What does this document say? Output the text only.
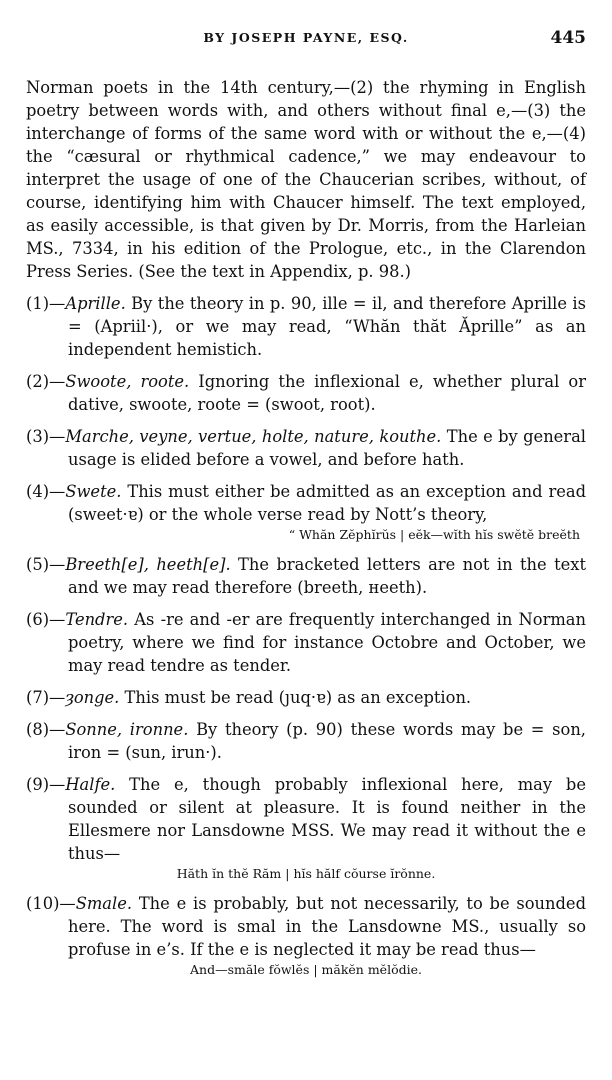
BY JOSEPH PAYNE, ESQ.	445

Norman poets in the 14th century,—(2) the rhyming in English poetry between words with, and others without final e,—(3) the interchange of forms of the same word with or without the e,—(4) the “cæsural or rhythmical cadence,” we may endeavour to interpret the usage of one of the Chaucerian scribes, without, of course, identifying him with Chaucer himself. The text employed, as easily accessible, is that given by Dr. Morris, from the Harleian MS., 7334, in his edition of the Prologue, etc., in the Clarendon Press Series. (See the text in Appendix, p. 98.)

(1)—Aprille. By the theory in p. 90, ille = il, and therefore Aprille is = (Apriil·), or we may read, “Whăn thăt Ăprille” as an independent hemistich.

(2)—Swoote, roote. Ignoring the inflexional e, whether plural or dative, swoote, roote = (swoot, root).

(3)—Marche, veyne, vertue, holte, nature, kouthe. The e by general usage is elided before a vowel, and before hath.

(4)—Swete. This must either be admitted as an exception and read (sweet·ɐ) or the whole verse read by Nott’s theory,

“ Whăn Zĕphĭrŭs | eĕk—wĭth hĭs swĕtĕ breĕth

(5)—Breeth[e], heeth[e]. The bracketed letters are not in the text and we may read therefore (breeth, ʜeeth).

(6)—Tendre. As -re and -er are frequently interchanged in Norman poetry, where we find for instance Octobre and October, we may read tendre as tender.

(7)—ȝonge. This must be read (ȷuq·ɐ) as an exception.

(8)—Sonne, ironne. By theory (p. 90) these words may be = son, iron = (sun, irun·).

(9)—Halfe. The e, though probably inflexional here, may be sounded or silent at pleasure. It is found neither in the Ellesmere nor Lansdowne MSS. We may read it without the e thus—

Hăth ĭn thĕ Răm | hĭs hălf cŏurse ĭrŏnne.

(10)—Smale. The e is probably, but not necessarily, to be sounded here. The word is smal in the Lansdowne MS., usually so profuse in e’s. If the e is neglected it may be read thus—

And—smăle fŏwlĕs | măkĕn mĕlŏdie.
